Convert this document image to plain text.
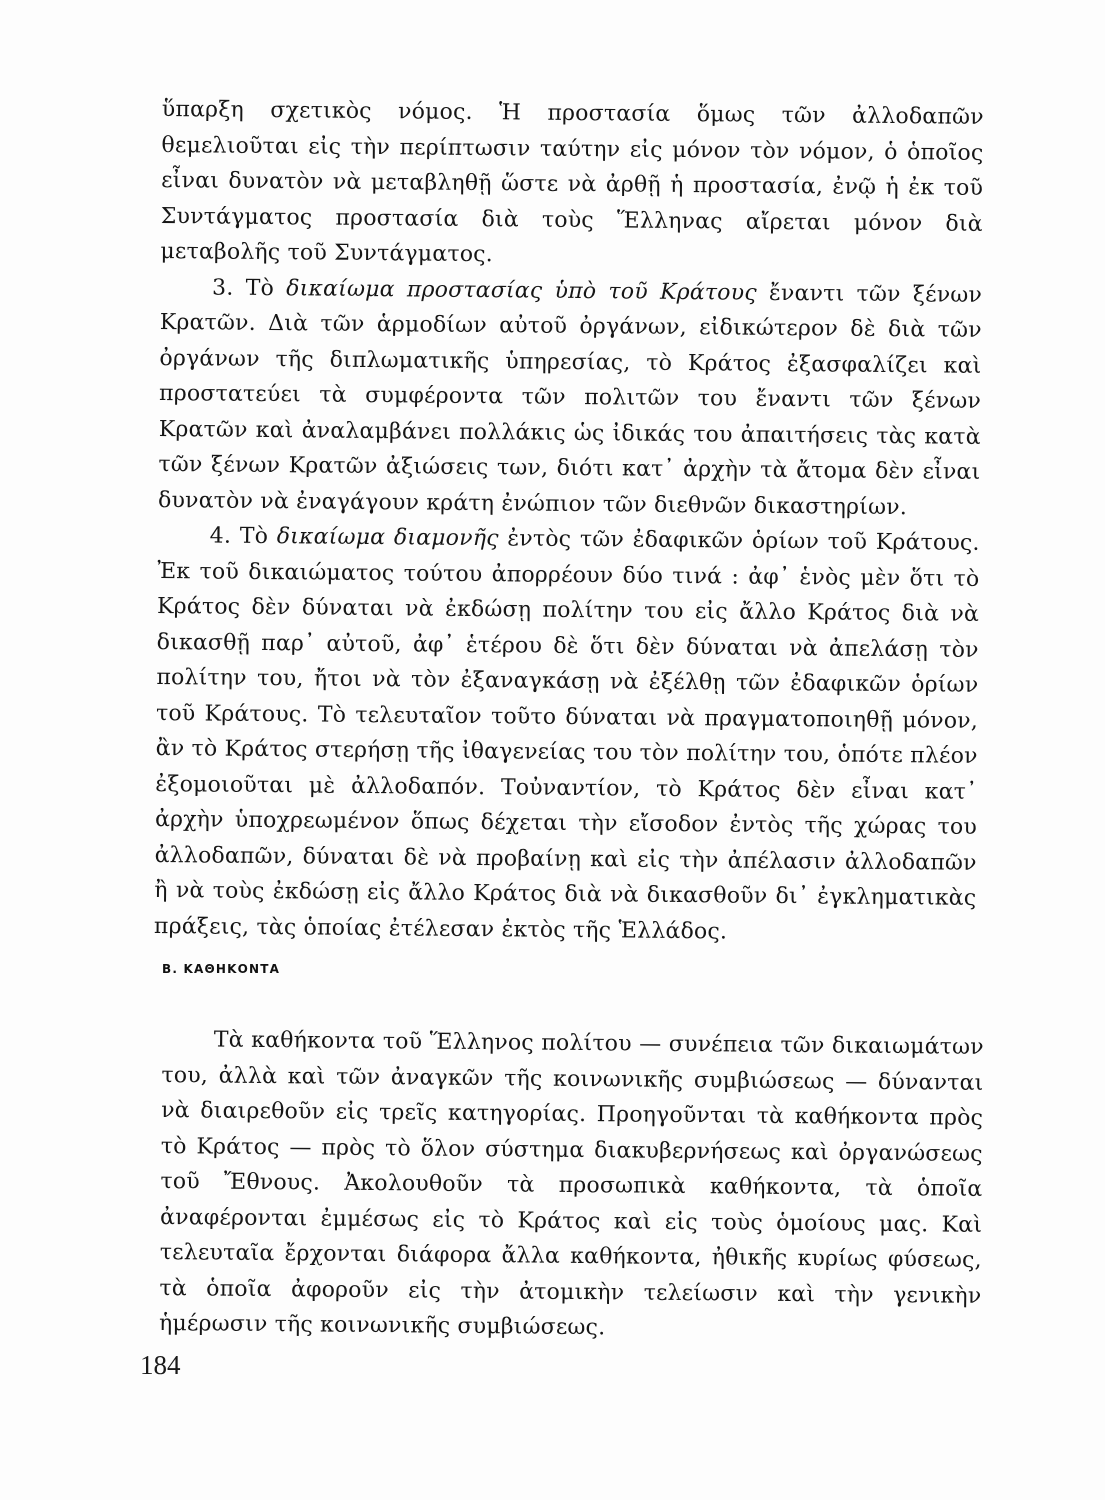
ὕπαρξη σχετικὸς νόμος. Ἡ προστασία ὅμως τῶν ἀλλοδαπῶν θεμελιοῦται εἰς τὴν περίπτωσιν ταύτην εἰς μόνον τὸν νόμον, ὁ ὁποῖος εἶναι δυνατὸν νὰ μεταβληθῇ ὥστε νὰ ἀρθῇ ἡ προστασία, ἐνῷ ἡ ἐκ τοῦ Συντάγματος προστασία διὰ τοὺς Ἕλληνας αἴρεται μόνον διὰ μεταβολῆς τοῦ Συντάγματος.

3. Τὸ δικαίωμα προστασίας ὑπὸ τοῦ Κράτους ἔναντι τῶν ξένων Κρατῶν. Διὰ τῶν ἁρμοδίων αὐτοῦ ὀργάνων, εἰδικώτερον δὲ διὰ τῶν ὀργάνων τῆς διπλωματικῆς ὑπηρεσίας, τὸ Κράτος ἐξασφαλίζει καὶ προστατεύει τὰ συμφέροντα τῶν πολιτῶν του ἔναντι τῶν ξένων Κρατῶν καὶ ἀναλαμβάνει πολλάκις ὡς ἰδικάς του ἀπαιτήσεις τὰς κατὰ τῶν ξένων Κρατῶν ἀξιώσεις των, διότι κατ᾽ ἀρχὴν τὰ ἄτομα δὲν εἶναι δυνατὸν νὰ ἐναγάγουν κράτη ἐνώπιον τῶν διεθνῶν δικαστηρίων.

4. Τὸ δικαίωμα διαμονῆς ἐντὸς τῶν ἐδαφικῶν ὁρίων τοῦ Κράτους. Ἐκ τοῦ δικαιώματος τούτου ἀπορρέουν δύο τινά : ἀφ᾽ ἑνὸς μὲν ὅτι τὸ Κράτος δὲν δύναται νὰ ἐκδώσῃ πολίτην του εἰς ἄλλο Κράτος διὰ νὰ δικασθῇ παρ᾽ αὐτοῦ, ἀφ᾽ ἑτέρου δὲ ὅτι δὲν δύναται νὰ ἀπελάσῃ τὸν πολίτην του, ἤτοι νὰ τὸν ἐξαναγκάσῃ νὰ ἐξέλθῃ τῶν ἐδαφικῶν ὁρίων τοῦ Κράτους. Τὸ τελευταῖον τοῦτο δύναται νὰ πραγματοποιηθῇ μόνον, ἂν τὸ Κράτος στερήσῃ τῆς ἰθαγενείας του τὸν πολίτην του, ὁπότε πλέον ἐξομοιοῦται μὲ ἀλλοδαπόν. Τοὐναντίον, τὸ Κράτος δὲν εἶναι κατ᾽ ἀρχὴν ὑποχρεωμένον ὅπως δέχεται τὴν εἴσοδον ἐντὸς τῆς χώρας του ἀλλοδαπῶν, δύναται δὲ νὰ προβαίνῃ καὶ εἰς τὴν ἀπέλασιν ἀλλοδαπῶν ἢ νὰ τοὺς ἐκδώσῃ εἰς ἄλλο Κράτος διὰ νὰ δικασθοῦν δι᾽ ἐγκληματικὰς πράξεις, τὰς ὁποίας ἐτέλεσαν ἐκτὸς τῆς Ἑλλάδος.

B. ΚΑΘΗΚΟΝΤΑ

Τὰ καθήκοντα τοῦ Ἕλληνος πολίτου — συνέπεια τῶν δικαιωμάτων του, ἀλλὰ καὶ τῶν ἀναγκῶν τῆς κοινωνικῆς συμβιώσεως — δύνανται νὰ διαιρεθοῦν εἰς τρεῖς κατηγορίας. Προηγοῦνται τὰ καθήκοντα πρὸς τὸ Κράτος — πρὸς τὸ ὅλον σύστημα διακυβερνήσεως καὶ ὀργανώσεως τοῦ Ἔθνους. Ἀκολουθοῦν τὰ προσωπικὰ καθήκοντα, τὰ ὁποῖα ἀναφέρονται ἐμμέσως εἰς τὸ Κράτος καὶ εἰς τοὺς ὁμοίους μας. Καὶ τελευταῖα ἔρχονται διάφορα ἄλλα καθήκοντα, ἠθικῆς κυρίως φύσεως, τὰ ὁποῖα ἀφοροῦν εἰς τὴν ἀτομικὴν τελείωσιν καὶ τὴν γενικὴν ἡμέρωσιν τῆς κοινωνικῆς συμβιώσεως.

184
